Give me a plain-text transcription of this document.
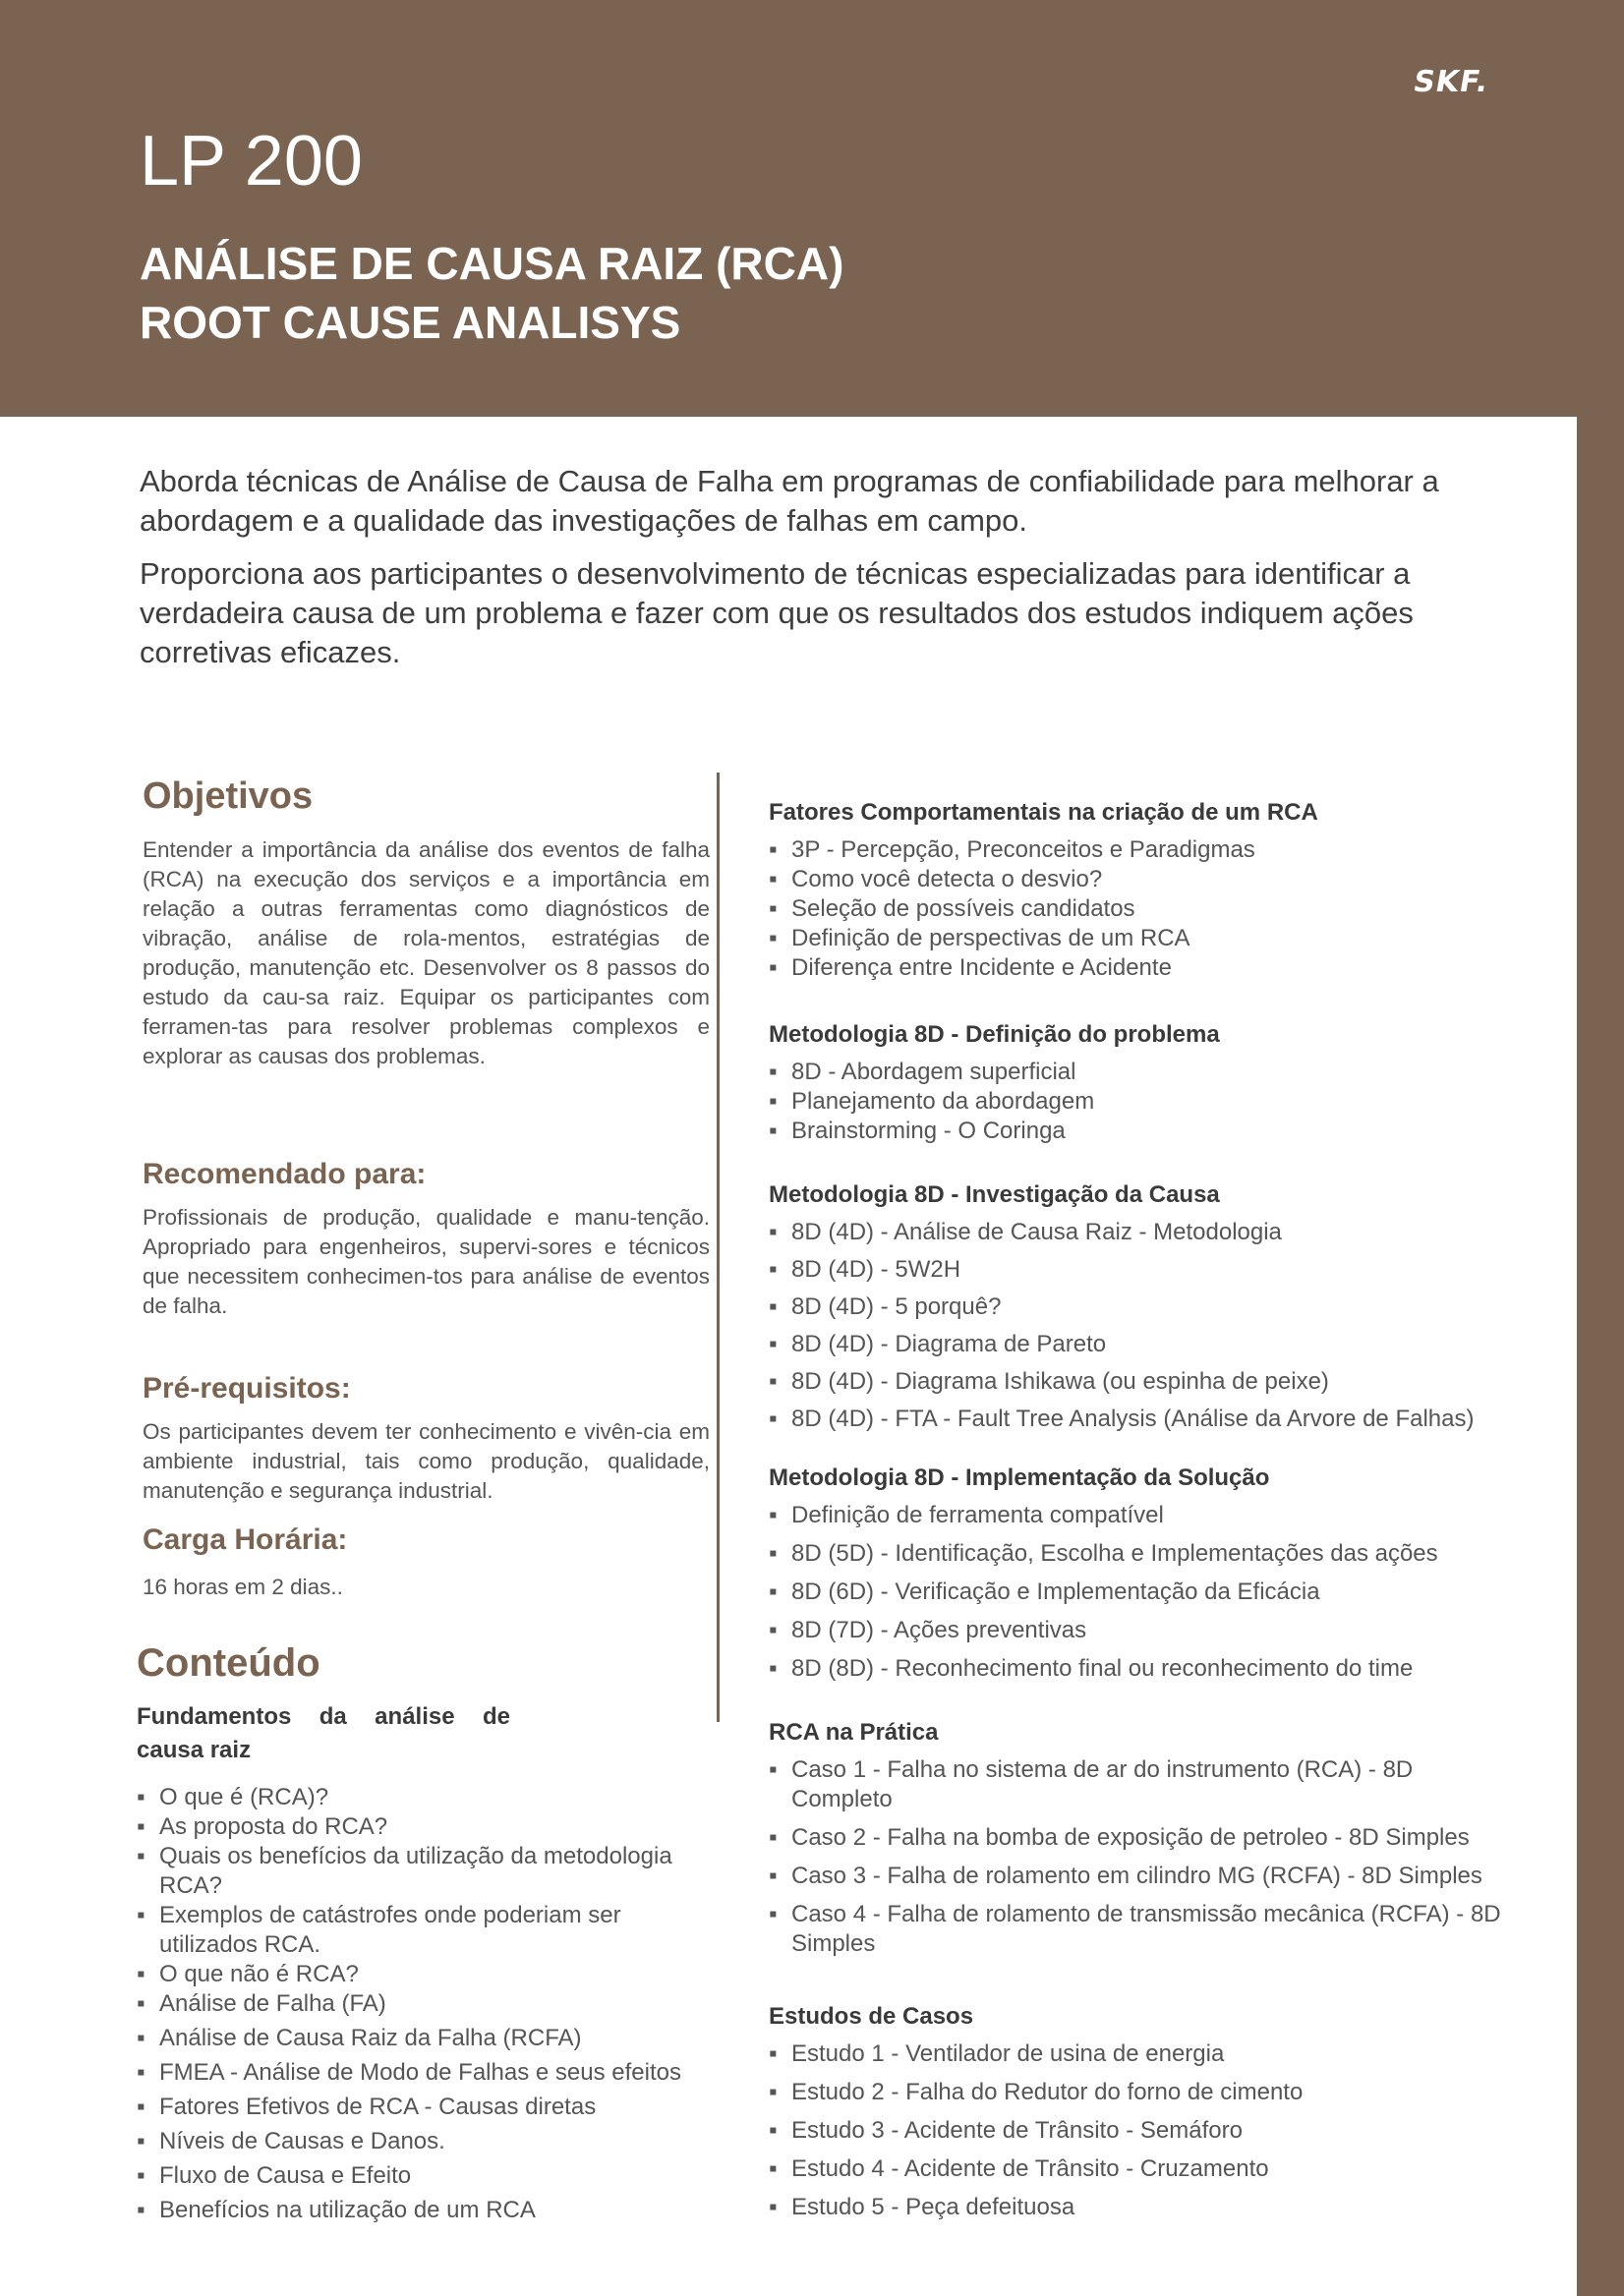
SKF.
LP 200
ANÁLISE DE CAUSA RAIZ (RCA)
ROOT CAUSE ANALISYS

Aborda técnicas de Análise de Causa de Falha em programas de confiabilidade para melhorar a abordagem e a qualidade das investigações de falhas em campo.

Proporciona aos participantes o desenvolvimento de técnicas especializadas para identificar a verdadeira causa de um problema e fazer com que os resultados dos estudos indiquem ações corretivas eficazes.

Objetivos

Entender a importância da análise dos eventos de falha (RCA) na execução dos serviços e a importância em relação a outras ferramentas como diagnósticos de vibração, análise de rola-mentos, estratégias de produção, manutenção etc. Desenvolver os 8 passos do estudo da cau-sa raiz. Equipar os participantes com ferramen-tas para resolver problemas complexos e explorar as causas dos problemas.

Recomendado para:

Profissionais de produção, qualidade e manu-tenção. Apropriado para engenheiros, supervi-sores e técnicos que necessitem conhecimen-tos para análise de eventos de falha.

Pré-requisitos:

Os participantes devem ter conhecimento e vivên-cia em ambiente industrial, tais como produção, qualidade, manutenção e segurança industrial.

Carga Horária:

16 horas em 2 dias..

Conteúdo
Fundamentos da análise de
causa raiz
▪ O que é (RCA)?
▪ As proposta do RCA?
▪ Quais os benefícios da utilização da metodologia RCA?
▪ Exemplos de catástrofes onde poderiam ser utilizados RCA.
▪ O que não é RCA?
▪ Análise de Falha (FA)
▪ Análise de Causa Raiz da Falha (RCFA)
▪ FMEA - Análise de Modo de Falhas e seus efeitos
▪ Fatores Efetivos de RCA - Causas diretas
▪ Níveis de Causas e Danos.
▪ Fluxo de Causa e Efeito
▪ Benefícios na utilização de um RCA
Fatores Comportamentais na criação de um RCA
▪ 3P - Percepção, Preconceitos e Paradigmas
▪ Como você detecta o desvio?
▪ Seleção de possíveis candidatos
▪ Definição de perspectivas de um RCA
▪ Diferença entre Incidente e Acidente
Metodologia 8D - Definição do problema
▪ 8D - Abordagem superficial
▪ Planejamento da abordagem
▪ Brainstorming - O Coringa
Metodologia 8D - Investigação da Causa
▪ 8D (4D) - Análise de Causa Raiz - Metodologia
▪ 8D (4D) - 5W2H
▪ 8D (4D) - 5 porquê?
▪ 8D (4D) - Diagrama de Pareto
▪ 8D (4D) - Diagrama Ishikawa (ou espinha de peixe)
▪ 8D (4D) - FTA - Fault Tree Analysis (Análise da Arvore de Falhas)
Metodologia 8D - Implementação da Solução
▪ Definição de ferramenta compatível
▪ 8D (5D) - Identificação, Escolha e Implementações das ações
▪ 8D (6D) - Verificação e Implementação da Eficácia
▪ 8D (7D) - Ações preventivas
▪ 8D (8D) - Reconhecimento final ou reconhecimento do time
RCA na Prática
▪ Caso 1 - Falha no sistema de ar do instrumento (RCA) - 8D Completo
▪ Caso 2 - Falha na bomba de exposição de petroleo - 8D Simples
▪ Caso 3 - Falha de rolamento em cilindro MG (RCFA) - 8D Simples
▪ Caso 4 - Falha de rolamento de transmissão mecânica (RCFA) - 8D Simples
Estudos de Casos
▪ Estudo 1 - Ventilador de usina de energia
▪ Estudo 2 - Falha do Redutor do forno de cimento
▪ Estudo 3 - Acidente de Trânsito - Semáforo
▪ Estudo 4 - Acidente de Trânsito - Cruzamento
▪ Estudo 5 - Peça defeituosa
